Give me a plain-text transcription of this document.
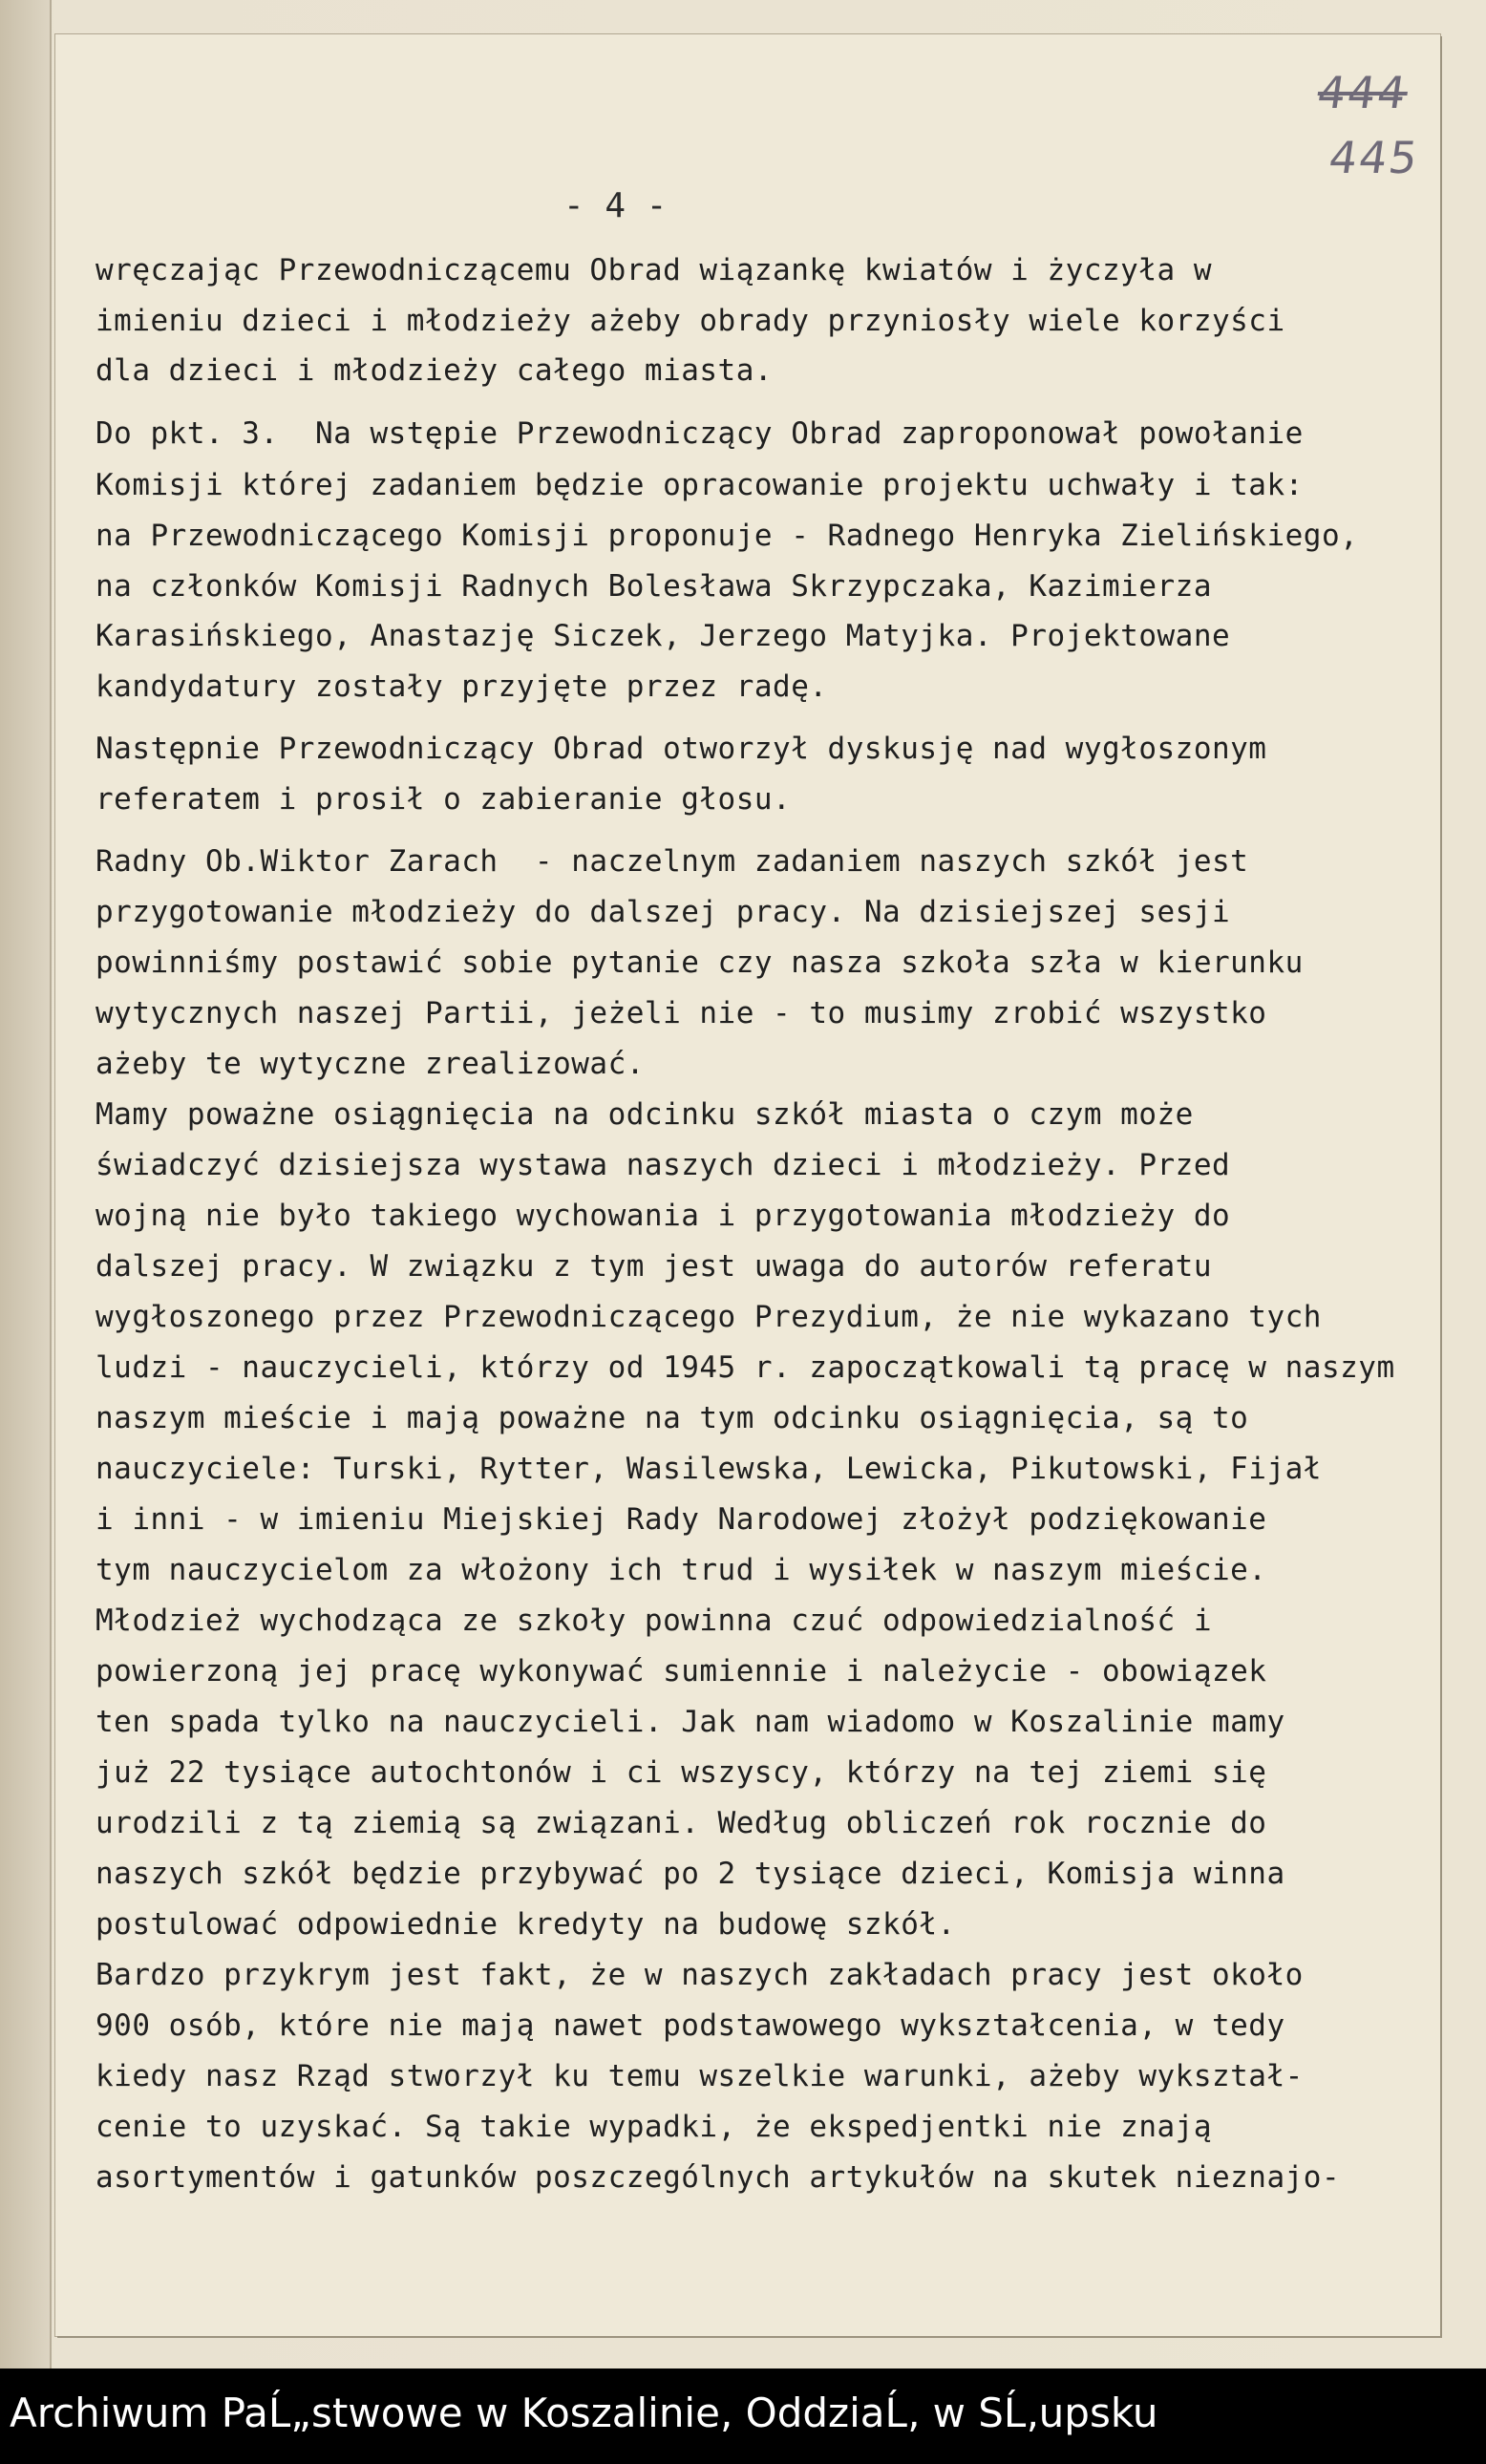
444
445
- 4 -
wręczając Przewodniczącemu Obrad wiązankę kwiatów i życzyła w
imieniu dzieci i młodzieży ażeby obrady przyniosły wiele korzyści
dla dzieci i młodzieży całego miasta.
Do pkt. 3.  Na wstępie Przewodniczący Obrad zaproponował powołanie
Komisji której zadaniem będzie opracowanie projektu uchwały i tak:
na Przewodniczącego Komisji proponuje - Radnego Henryka Zielińskiego,
na członków Komisji Radnych Bolesława Skrzypczaka, Kazimierza
Karasińskiego, Anastazję Siczek, Jerzego Matyjka. Projektowane
kandydatury zostały przyjęte przez radę.
Następnie Przewodniczący Obrad otworzył dyskusję nad wygłoszonym
referatem i prosił o zabieranie głosu.
Radny Ob.Wiktor Zarach  - naczelnym zadaniem naszych szkół jest
przygotowanie młodzieży do dalszej pracy. Na dzisiejszej sesji
powinniśmy postawić sobie pytanie czy nasza szkoła szła w kierunku
wytycznych naszej Partii, jeżeli nie - to musimy zrobić wszystko
ażeby te wytyczne zrealizować.
Mamy poważne osiągnięcia na odcinku szkół miasta o czym może
świadczyć dzisiejsza wystawa naszych dzieci i młodzieży. Przed
wojną nie było takiego wychowania i przygotowania młodzieży do
dalszej pracy. W związku z tym jest uwaga do autorów referatu
wygłoszonego przez Przewodniczącego Prezydium, że nie wykazano tych
ludzi - nauczycieli, którzy od 1945 r. zapoczątkowali tą pracę w naszym
naszym mieście i mają poważne na tym odcinku osiągnięcia, są to
nauczyciele: Turski, Rytter, Wasilewska, Lewicka, Pikutowski, Fijał
i inni - w imieniu Miejskiej Rady Narodowej złożył podziękowanie
tym nauczycielom za włożony ich trud i wysiłek w naszym mieście.
Młodzież wychodząca ze szkoły powinna czuć odpowiedzialność i
powierzoną jej pracę wykonywać sumiennie i należycie - obowiązek
ten spada tylko na nauczycieli. Jak nam wiadomo w Koszalinie mamy
już 22 tysiące autochtonów i ci wszyscy, którzy na tej ziemi się
urodzili z tą ziemią są związani. Według obliczeń rok rocznie do
naszych szkół będzie przybywać po 2 tysiące dzieci, Komisja winna
postulować odpowiednie kredyty na budowę szkół.
Bardzo przykrym jest fakt, że w naszych zakładach pracy jest około
900 osób, które nie mają nawet podstawowego wykształcenia, w tedy
kiedy nasz Rząd stworzył ku temu wszelkie warunki, ażeby wykształ-
cenie to uzyskać. Są takie wypadki, że ekspedjentki nie znają
asortymentów i gatunków poszczególnych artykułów na skutek nieznajo-
Archiwum PaĹ„stwowe w Koszalinie, OddziaĹ‚ w SĹ‚upsku
